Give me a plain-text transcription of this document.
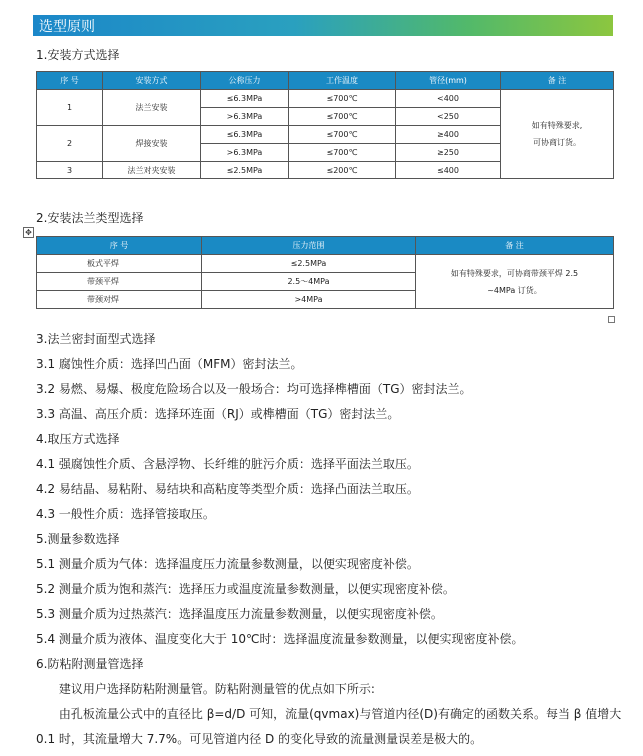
选型原则
1.安装方式选择
序 号	安装方式	公称压力	工作温度	管径(mm)	备 注
1	法兰安装	≤6.3MPa	≤700℃	<400	如有特殊要求,
可协商订货。

		>6.3MPa	≤700℃	<250	
2	焊接安装	≤6.3MPa	≤700℃	≥400	
		>6.3MPa	≤700℃	≥250	
3	法兰对夹安装	≤2.5MPa	≤200℃	≤400	
2.安装法兰类型选择
✥
序 号	压力范围	备 注
板式平焊	≤2.5MPa	如有特殊要求，可协商带颈平焊 2.5
~4MPa 订货。

带颈平焊	2.5～4MPa	
带颈对焊	>4MPa	
3.法兰密封面型式选择
3.1 腐蚀性介质：选择凹凸面（MFM）密封法兰。
3.2 易燃、易爆、极度危险场合以及一般场合：均可选择榫槽面（TG）密封法兰。
3.3 高温、高压介质：选择环连面（RJ）或榫槽面（TG）密封法兰。
4.取压方式选择
4.1 强腐蚀性介质、含悬浮物、长纤维的脏污介质：选择平面法兰取压。
4.2 易结晶、易粘附、易结块和高粘度等类型介质：选择凸面法兰取压。
4.3 一般性介质：选择管接取压。
5.测量参数选择
5.1 测量介质为气体：选择温度压力流量参数测量，以便实现密度补偿。
5.2 测量介质为饱和蒸汽：选择压力或温度流量参数测量，以便实现密度补偿。
5.3 测量介质为过热蒸汽：选择温度压力流量参数测量，以便实现密度补偿。
5.4 测量介质为液体、温度变化大于 10℃时：选择温度流量参数测量，以便实现密度补偿。
6.防粘附测量管选择
建议用户选择防粘附测量管。防粘附测量管的优点如下所示:
由孔板流量公式中的直径比 β=d/D 可知，流量(qvmax)与管道内径(D)有确定的函数关系。每当 β 值增大
0.1 时，其流量增大 7.7%。可见管道内径 D 的变化导致的流量测量误差是极大的。
